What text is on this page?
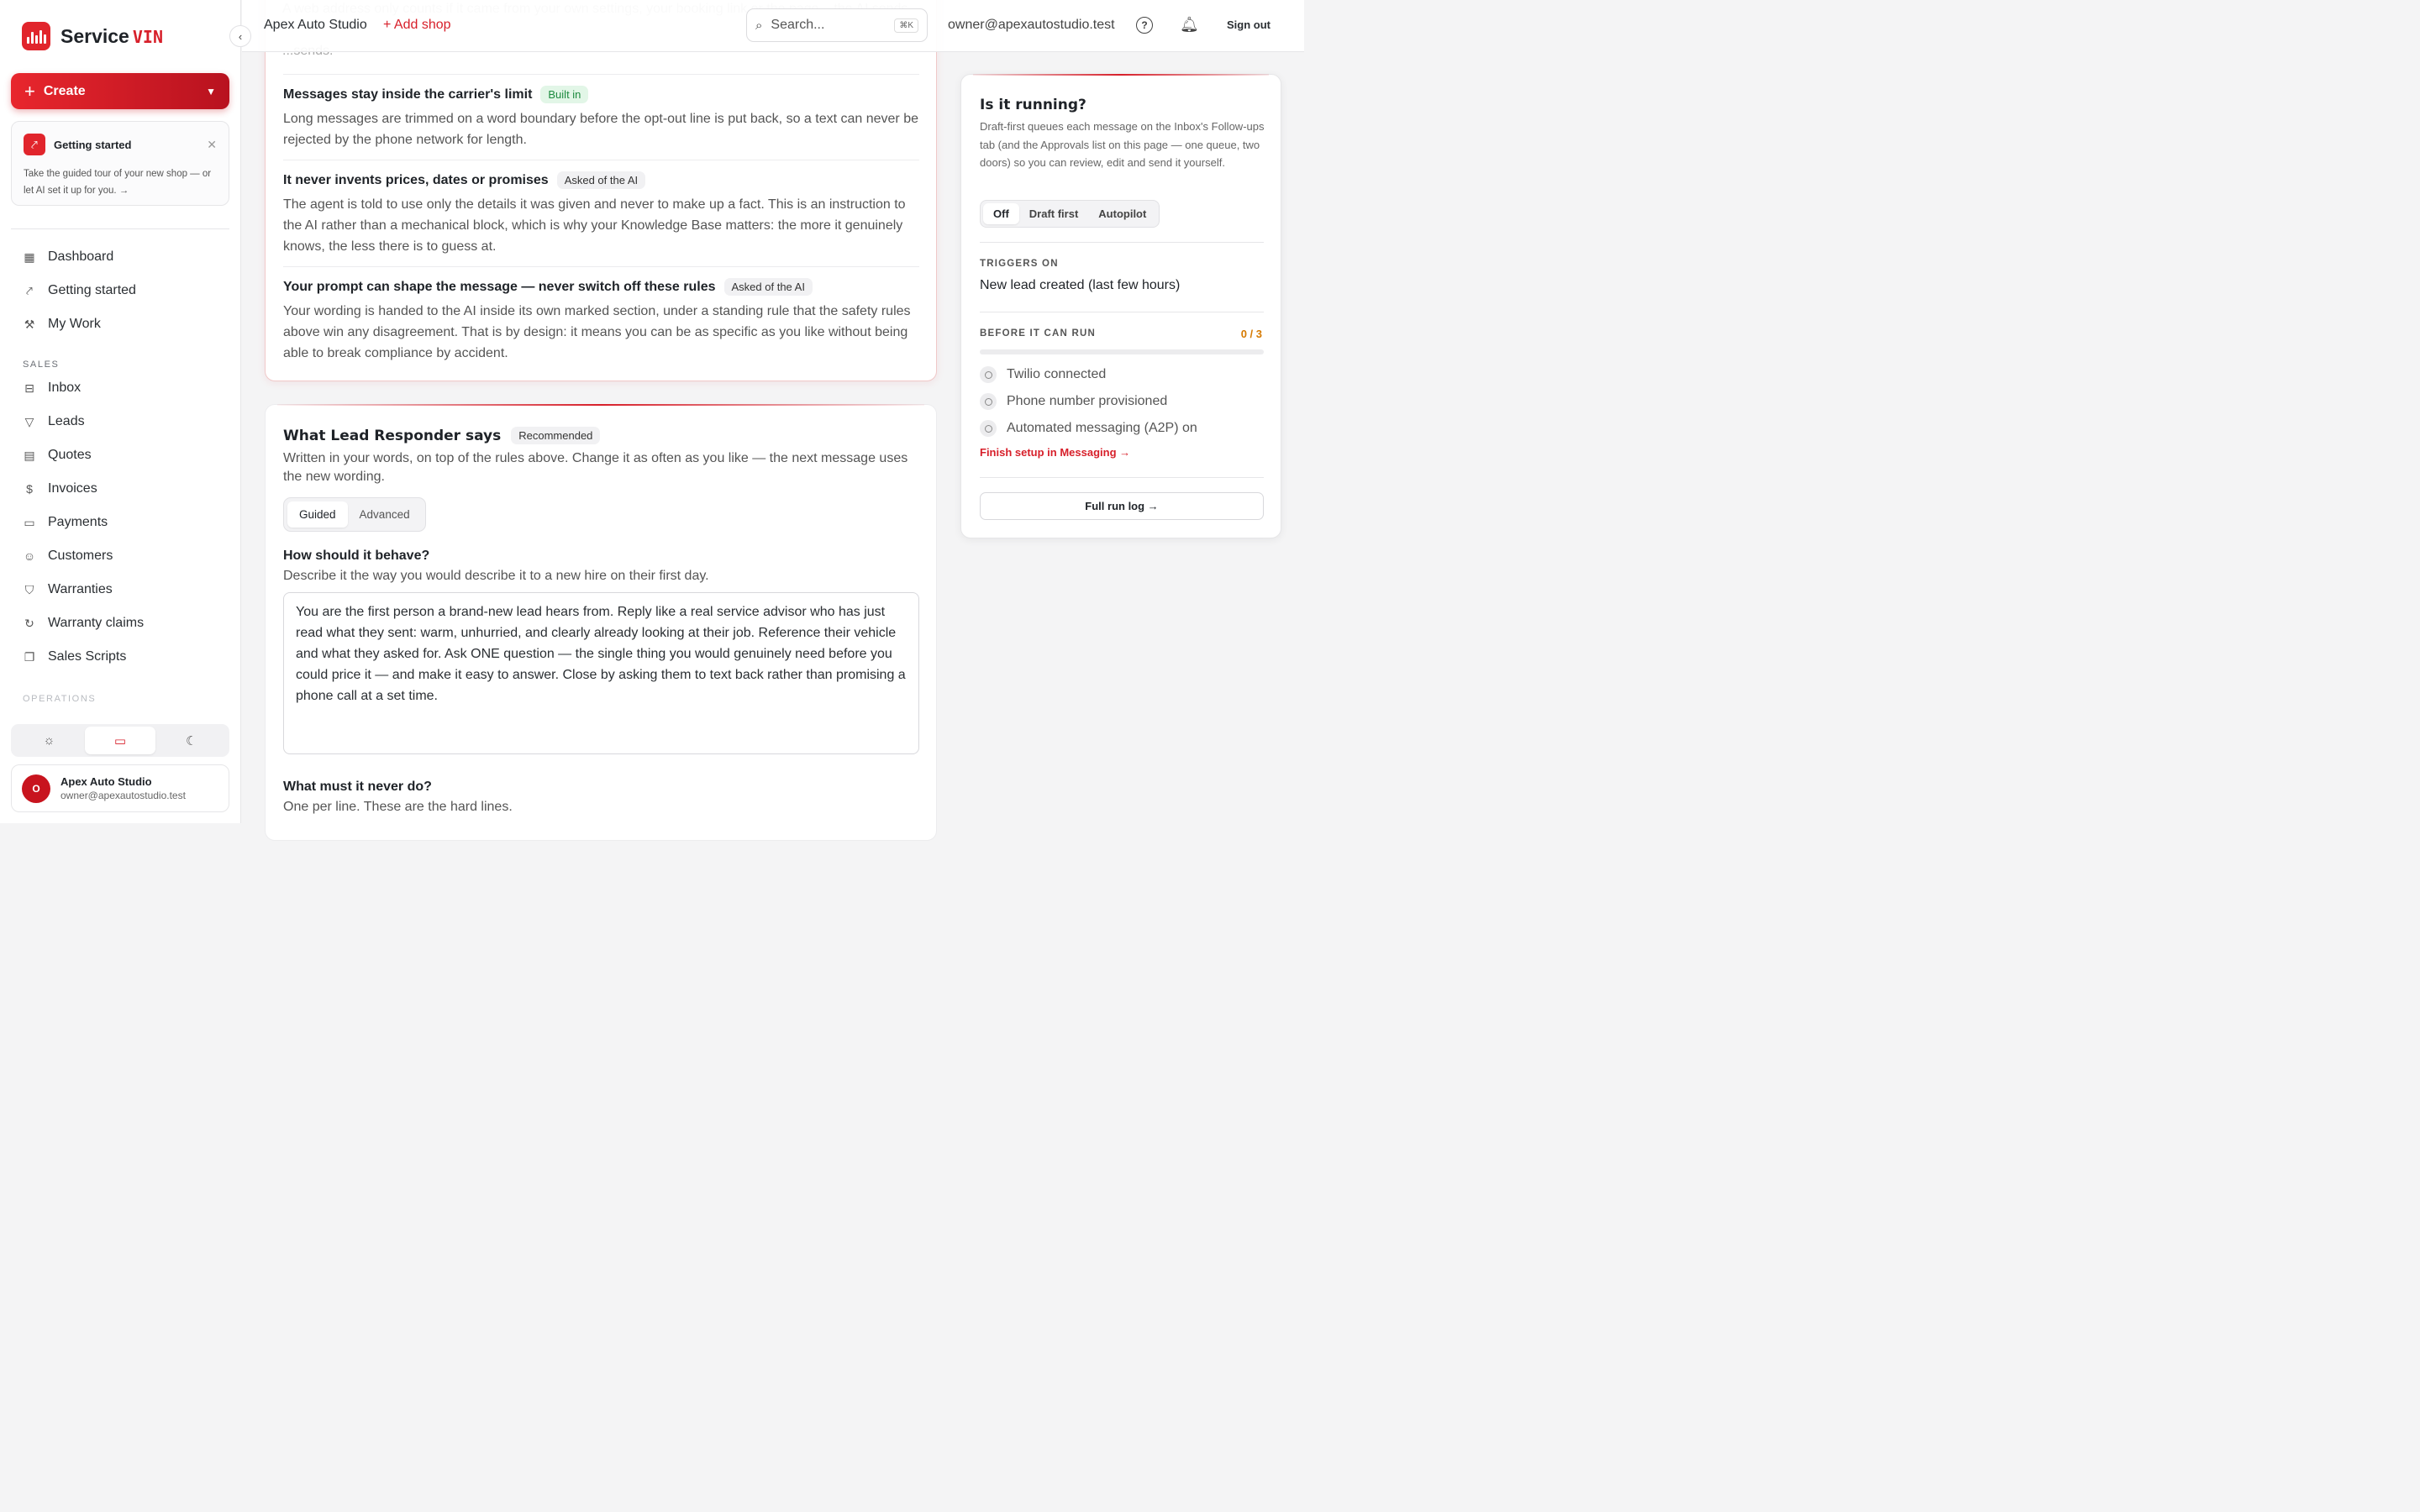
Service VIN
+ Create	▼
⤤	Getting started	✕
Take the guided tour of your new shop — or let AI set it up for you. →
▦ Dashboard
⤤ Getting started
⚒ My Work
SALES
⊟ Inbox
▽ Leads
▤ Quotes
$ Invoices
▭ Payments
☺ Customers
⛉ Warranties
↻ Warranty claims
❐ Sales Scripts
OPERATIONS
☼	▭	☾
O
Apex Auto Studio
owner@apexautostudio.test
‹
Apex Auto Studio + Add shop	⌕ Search...	⌘K	owner@apexautostudio.test	?	🔔︎	Sign out
Messages stay inside the carrier's limit	Built in
Long messages are trimmed on a word boundary before the opt-out line is put back, so a text can never be rejected by the phone network for length.
It never invents prices, dates or promises	Asked of the AI
The agent is told to use only the details it was given and never to make up a fact. This is an instruction to the AI rather than a mechanical block, which is why your Knowledge Base matters: the more it genuinely knows, the less there is to guess at.
Your prompt can shape the message — never switch off these rules	Asked of the AI
Your wording is handed to the AI inside its own marked section, under a standing rule that the safety rules above win any disagreement. That is by design: it means you can be as specific as you like without being able to break compliance by accident.
What Lead Responder says	Recommended
Written in your words, on top of the rules above. Change it as often as you like — the next message uses the new wording.
Guided	Advanced
How should it behave?
Describe it the way you would describe it to a new hire on their first day.
You are the first person a brand-new lead hears from. Reply like a real service advisor who has just read what they sent: warm, unhurried, and clearly already looking at their job. Reference their vehicle and what they asked for. Ask ONE question — the single thing you would genuinely need before you could price it — and make it easy to answer. Close by asking them to text back rather than promising a phone call at a set time.
What must it never do?
One per line. These are the hard lines.
Is it running?
Draft-first queues each message on the Inbox's Follow-ups tab (and the Approvals list on this page — one queue, two doors) so you can review, edit and send it yourself.
Off	Draft first	Autopilot
TRIGGERS ON
New lead created (last few hours)
BEFORE IT CAN RUN	0 / 3
Twilio connected
Phone number provisioned
Automated messaging (A2P) on
Finish setup in Messaging →
Full run log →
